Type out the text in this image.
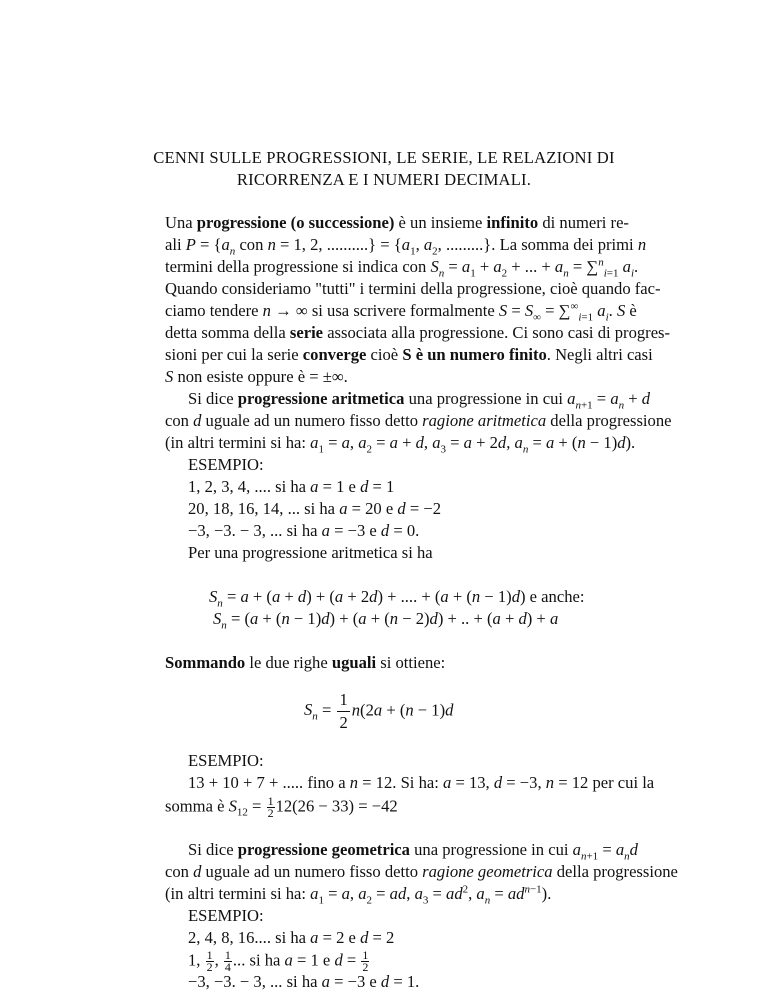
CENNI SULLE PROGRESSIONI, LE SERIE, LE RELAZIONI DI
RICORRENZA E I NUMERI DECIMALI.
Una progressione (o successione) è un insieme infinito di numeri re-
ali $P = \{a_n$ con n = 1, 2, ..........} = {$a_1$, $a_2$, .........}. La somma dei primi n
termini della progressione si indica con $S_n = a_1 + a_2$ + ... + $a_n = \sum^n_{i=1}$ $a_i$.
Quando consideriamo "tutti" i termini della progressione, cioè quando fac-
ciamo tendere n → ∞ si usa scrivere formalmente $S = S_\infty = \sum^\infty_{i=1}$ $a_i$. S è
detta somma della serie associata alla progressione. Ci sono casi di progres-
sioni per cui la serie converge cioè S è un numero finito. Negli altri casi
S non esiste oppure è = ±∞.
Si dice progressione aritmetica una progressione in cui $a_{n+1} = a_n + d$
con d uguale ad un numero fisso detto ragione aritmetica della progressione
(in altri termini si ha: $a_1 = a$, $a_2 = a + d$, $a_3 = a + 2d$, $a_n = a + (n - 1)d$).
ESEMPIO:
1, 2, 3, 4, .... si ha a = 1 e d = 1
20, 18, 16, 14, ... si ha a = 20 e d = −2
−3, −3. − 3, ... si ha a = −3 e d = 0.
Per una progressione aritmetica si ha
$S_n = a + (a + d) + (a + 2d)$ + .... + (a + (n − 1)d) e anche:
$S_n = (a + (n - 1)d) + (a + (n - 2)d)$ + .. + (a + d) + a
Sommando le due righe uguali si ottiene:
$S_n = \frac{1}{2} n(2a + (n - 1)d$
ESEMPIO:
13 + 10 + 7 + ..... fino a n = 12. Si ha: a = 13, d = −3, n = 12 per cui la
somma è $S_{12} = \frac{1}{2} 12(26 - 33) = -42$
Si dice progressione geometrica una progressione in cui $a_{n+1} = a_nd$
con d uguale ad un numero fisso detto ragione geometrica della progressione
(in altri termini si ha: $a_1 = a$, $a_2$ = ad, $a_3 = ad^2$, $a_n = ad^{n-1}$).
ESEMPIO:
2, 4, 8, 16.... si ha a = 2 e d = 2
1, $\frac{1}{2}$ , $\frac{1}{4}$ ... si ha a = 1 e $d = \frac{1}{2}$
−3, −3. − 3, ... si ha a = −3 e d = 1.
